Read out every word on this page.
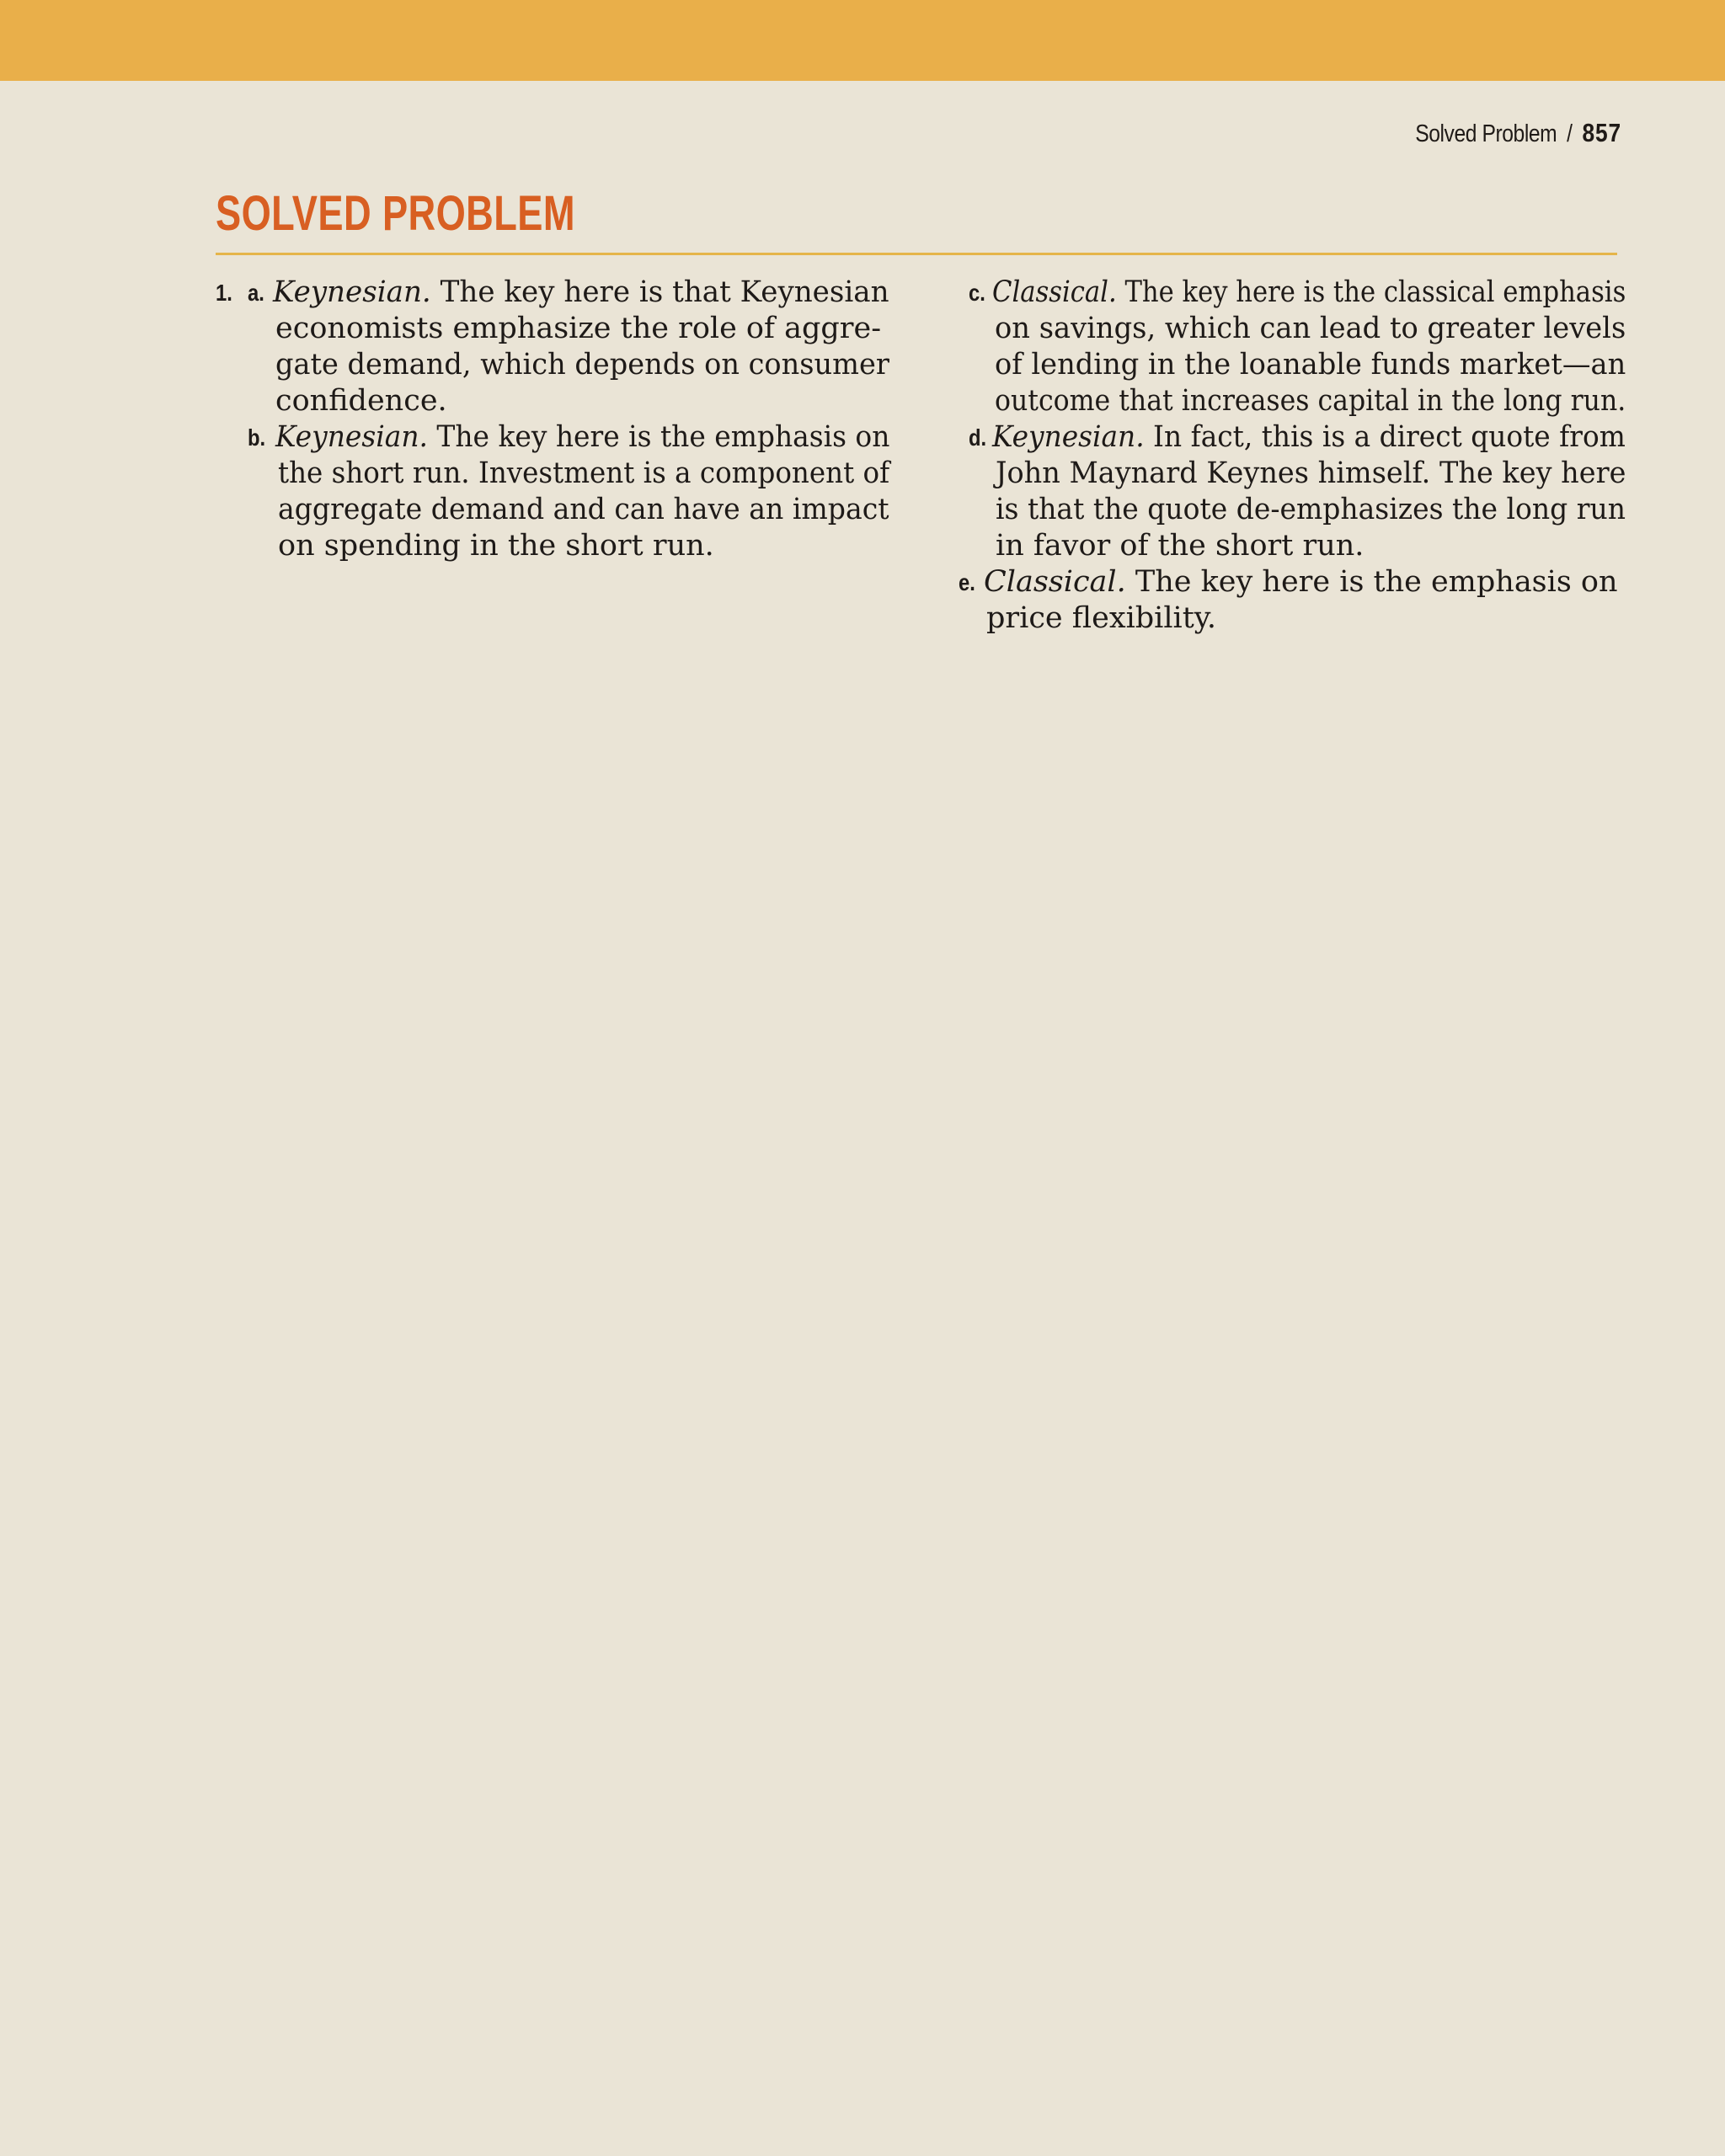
Solved Problem / 857
SOLVED PROBLEM
1. a. Keynesian. The key here is that Keynesian
economists emphasize the role of aggre-
gate demand, which depends on consumer
confidence.
b. Keynesian. The key here is the emphasis on
the short run. Investment is a component of
aggregate demand and can have an impact
on spending in the short run.
c. Classical. The key here is the classical emphasis
on savings, which can lead to greater levels
of lending in the loanable funds market—an
outcome that increases capital in the long run.
d. Keynesian. In fact, this is a direct quote from
John Maynard Keynes himself. The key here
is that the quote de-emphasizes the long run
in favor of the short run.
e. Classical. The key here is the emphasis on
price flexibility.
